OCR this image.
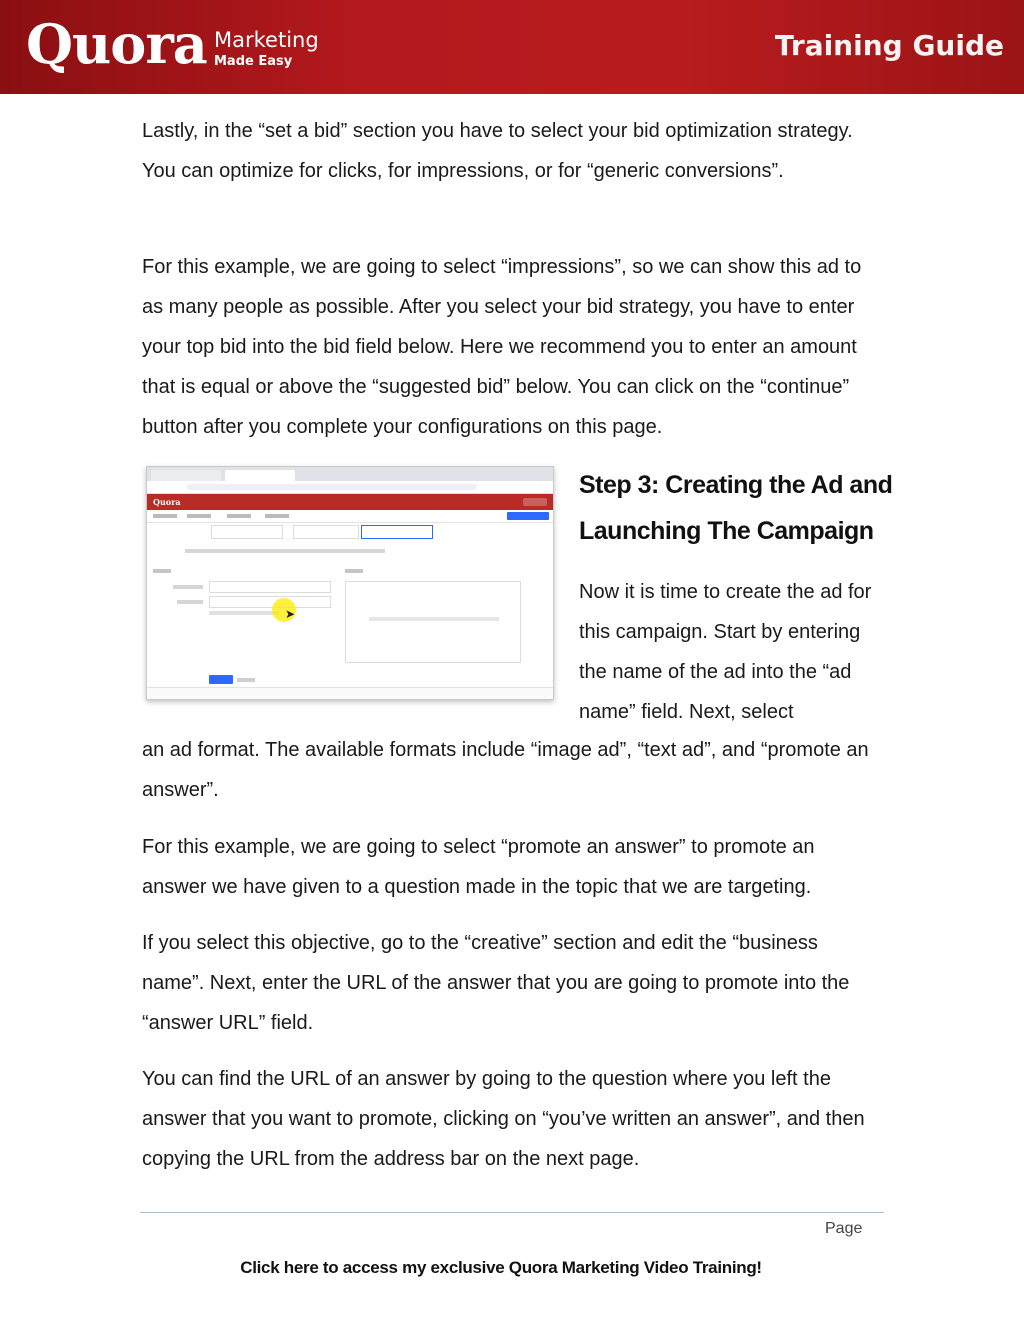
Quora Marketing
Made Easy	Training Guide

Lastly, in the “set a bid” section you have to select your bid optimization strategy. You can optimize for clicks, for impressions, or for “generic conversions”.

For this example, we are going to select “impressions”, so we can show this ad to as many people as possible. After you select your bid strategy, you have to enter your top bid into the bid field below. Here we recommend you to enter an amount that is equal or above the “suggested bid” below. You can click on the “continue” button after you complete your configurations on this page.

Quora
➤
Step 3: Creating the Ad and Launching The Campaign

Now it is time to create the ad for this campaign. Start by entering the name of the ad into the “ad name” field. Next, select

an ad format. The available formats include “image ad”, “text ad”, and “promote an answer”.

For this example, we are going to select “promote an answer” to promote an answer we have given to a question made in the topic that we are targeting.

If you select this objective, go to the “creative” section and edit the “business name”. Next, enter the URL of the answer that you are going to promote into the “answer URL” field.

You can find the URL of an answer by going to the question where you left the answer that you want to promote, clicking on “you’ve written an answer”, and then copying the URL from the address bar on the next page.

Page
Click here to access my exclusive Quora Marketing Video Training!
